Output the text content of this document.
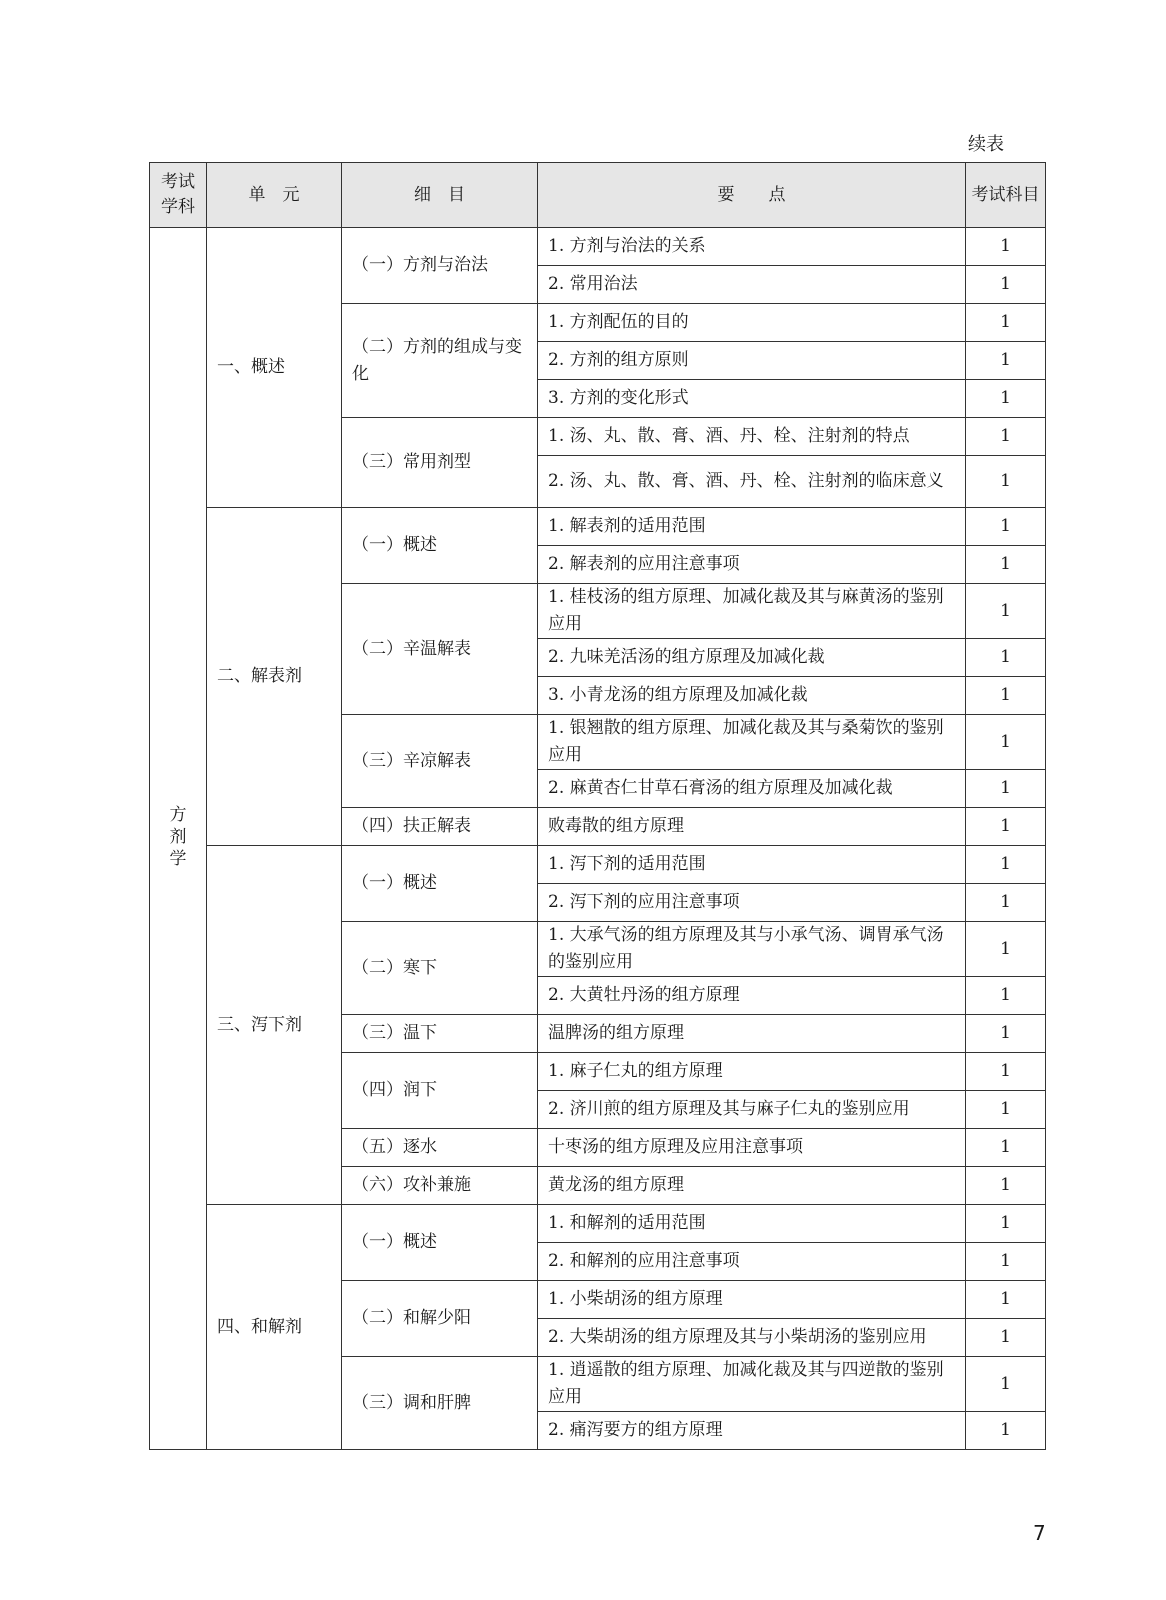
续表
考试学科	单　元	细　目	要　　点	考试科目
方剂学	一、概述	（一）方剂与治法	1. 方剂与治法的关系	1
			2. 常用治法	1
		（二）方剂的组成与变化	1. 方剂配伍的目的	1
			2. 方剂的组方原则	1
			3. 方剂的变化形式	1
		（三）常用剂型	1. 汤、丸、散、膏、酒、丹、栓、注射剂的特点	1
			2. 汤、丸、散、膏、酒、丹、栓、注射剂的临床意义	1
	二、解表剂	（一）概述	1. 解表剂的适用范围	1
			2. 解表剂的应用注意事项	1
		（二）辛温解表	1. 桂枝汤的组方原理、加减化裁及其与麻黄汤的鉴别应用	1
			2. 九味羌活汤的组方原理及加减化裁	1
			3. 小青龙汤的组方原理及加减化裁	1
		（三）辛凉解表	1. 银翘散的组方原理、加减化裁及其与桑菊饮的鉴别应用	1
			2. 麻黄杏仁甘草石膏汤的组方原理及加减化裁	1
		（四）扶正解表	败毒散的组方原理	1
	三、泻下剂	（一）概述	1. 泻下剂的适用范围	1
			2. 泻下剂的应用注意事项	1
		（二）寒下	1. 大承气汤的组方原理及其与小承气汤、调胃承气汤的鉴别应用	1
			2. 大黄牡丹汤的组方原理	1
		（三）温下	温脾汤的组方原理	1
		（四）润下	1. 麻子仁丸的组方原理	1
			2. 济川煎的组方原理及其与麻子仁丸的鉴别应用	1
		（五）逐水	十枣汤的组方原理及应用注意事项	1
		（六）攻补兼施	黄龙汤的组方原理	1
	四、和解剂	（一）概述	1. 和解剂的适用范围	1
			2. 和解剂的应用注意事项	1
		（二）和解少阳	1. 小柴胡汤的组方原理	1
			2. 大柴胡汤的组方原理及其与小柴胡汤的鉴别应用	1
		（三）调和肝脾	1. 逍遥散的组方原理、加减化裁及其与四逆散的鉴别应用	1
			2. 痛泻要方的组方原理	1
7
